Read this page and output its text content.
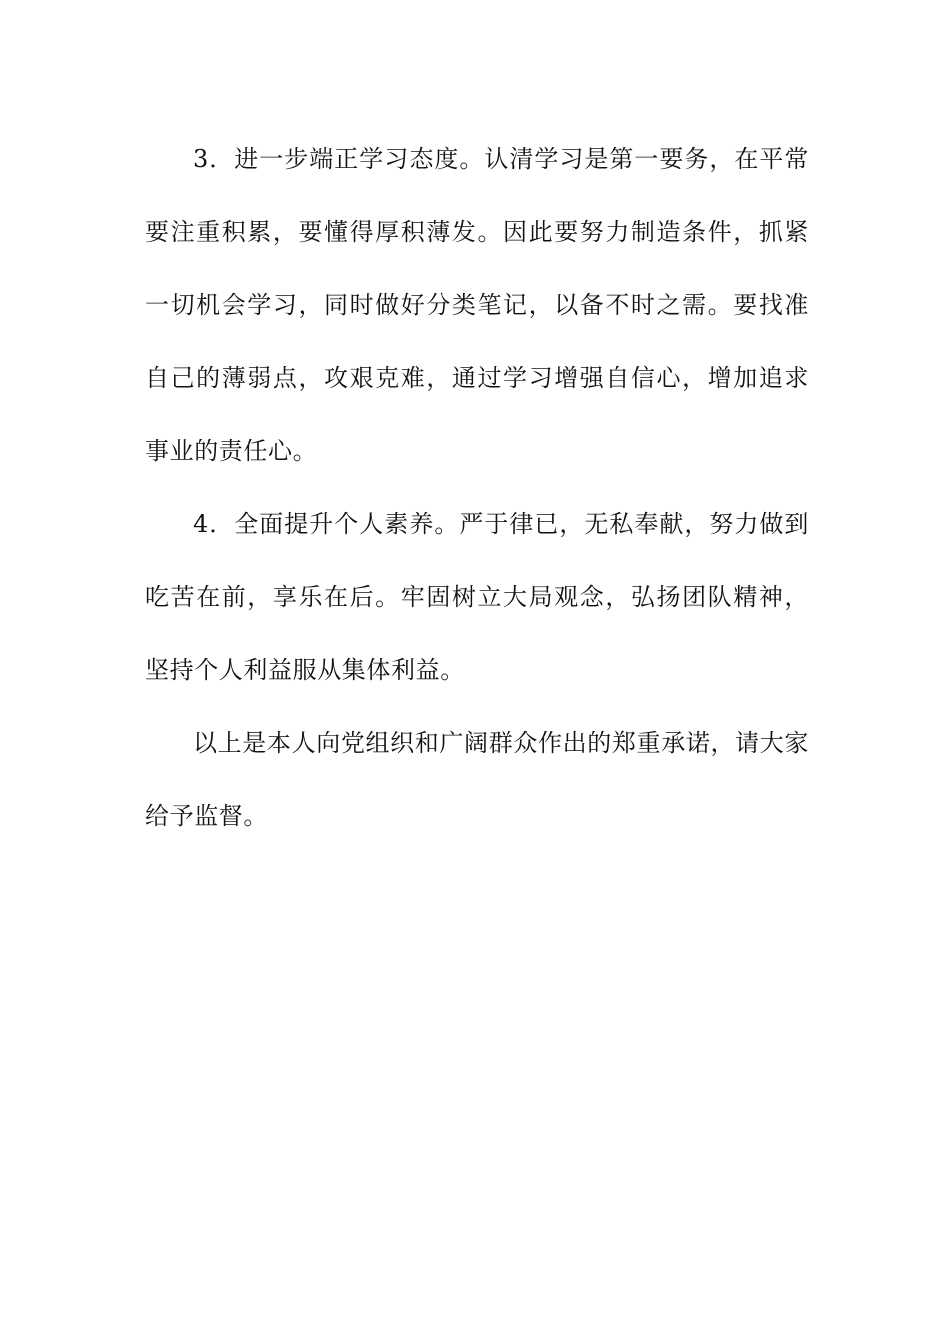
3．进一步端正学习态度。认清学习是第一要务，在平常要注重积累，要懂得厚积薄发。因此要努力制造条件，抓紧一切机会学习，同时做好分类笔记，以备不时之需。要找准自己的薄弱点，攻艰克难，通过学习增强自信心，增加追求事业的责任心。

4．全面提升个人素养。严于律已，无私奉献，努力做到吃苦在前，享乐在后。牢固树立大局观念，弘扬团队精神，坚持个人利益服从集体利益。

以上是本人向党组织和广阔群众作出的郑重承诺，请大家给予监督。
